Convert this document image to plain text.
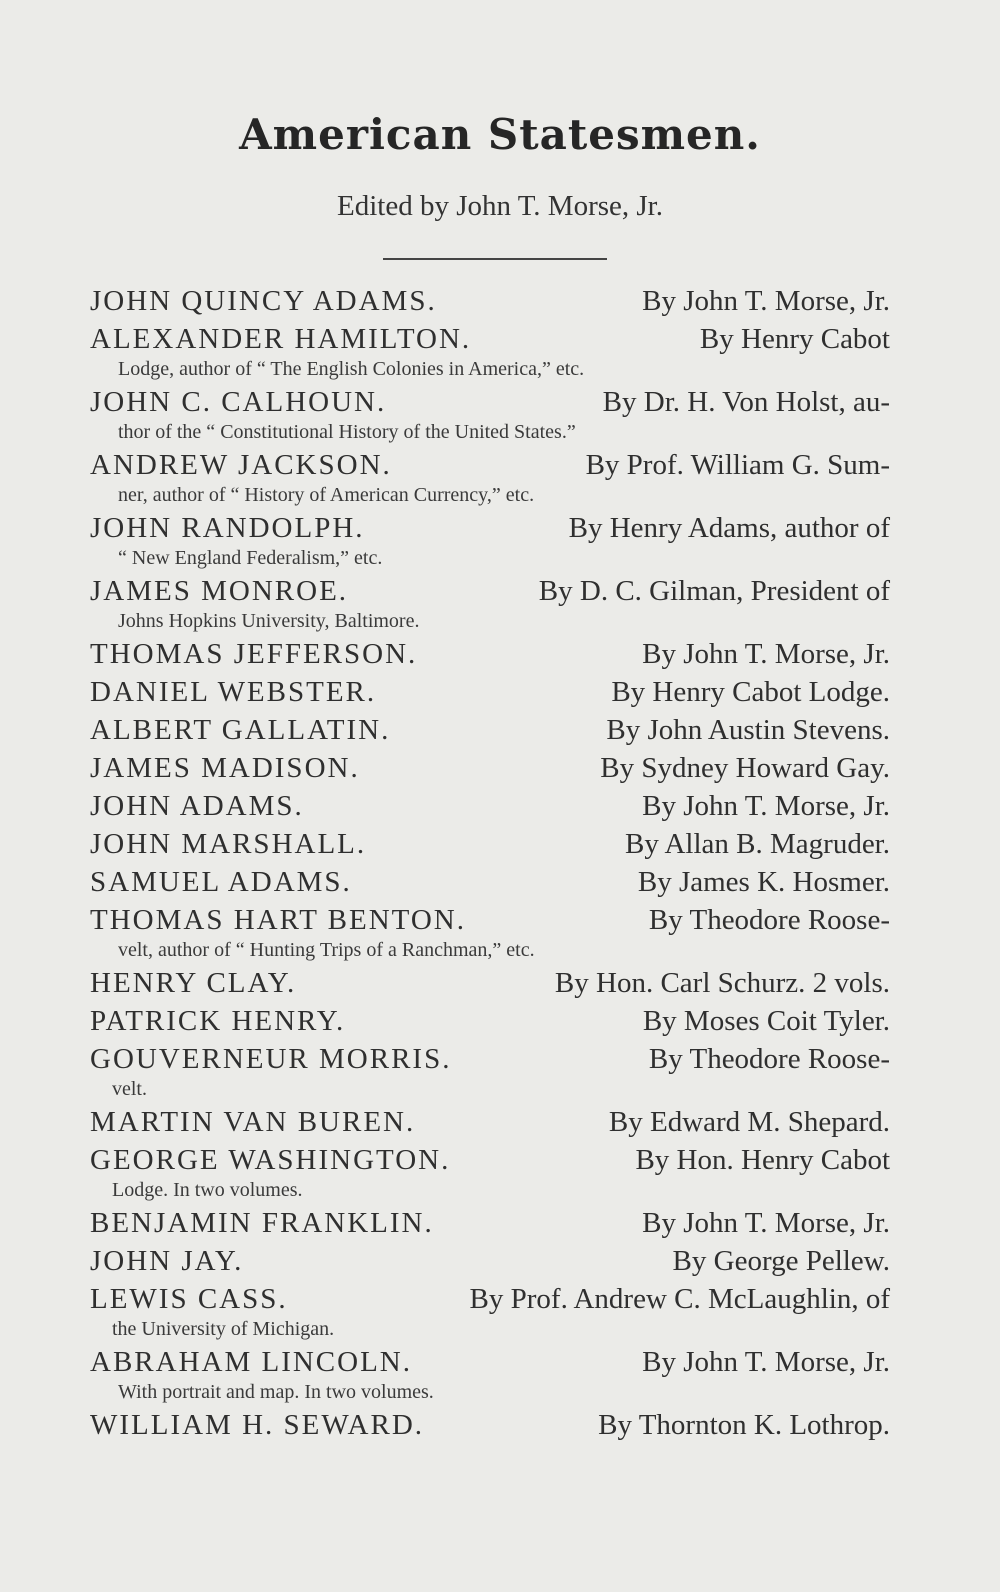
American Statesmen.
Edited by John T. Morse, Jr.
JOHN QUINCY ADAMS.	By John T. Morse, Jr.
ALEXANDER HAMILTON.	By Henry Cabot
Lodge, author of “ The English Colonies in America,” etc.
JOHN C. CALHOUN.	By Dr. H. Von Holst, au-
thor of the “ Constitutional History of the United States.”
ANDREW JACKSON.	By Prof. William G. Sum-
ner, author of “ History of American Currency,” etc.
JOHN RANDOLPH.	By Henry Adams, author of
“ New England Federalism,” etc.
JAMES MONROE.	By D. C. Gilman, President of
Johns Hopkins University, Baltimore.
THOMAS JEFFERSON.	By John T. Morse, Jr.
DANIEL WEBSTER.	By Henry Cabot Lodge.
ALBERT GALLATIN.	By John Austin Stevens.
JAMES MADISON.	By Sydney Howard Gay.
JOHN ADAMS.	By John T. Morse, Jr.
JOHN MARSHALL.	By Allan B. Magruder.
SAMUEL ADAMS.	By James K. Hosmer.
THOMAS HART BENTON.	By Theodore Roose-
velt, author of “ Hunting Trips of a Ranchman,” etc.
HENRY CLAY.	By Hon. Carl Schurz. 2 vols.
PATRICK HENRY.	By Moses Coit Tyler.
GOUVERNEUR MORRIS.	By Theodore Roose-
velt.
MARTIN VAN BUREN.	By Edward M. Shepard.
GEORGE WASHINGTON.	By Hon. Henry Cabot
Lodge. In two volumes.
BENJAMIN FRANKLIN.	By John T. Morse, Jr.
JOHN JAY.	By George Pellew.
LEWIS CASS.	By Prof. Andrew C. McLaughlin, of
the University of Michigan.
ABRAHAM LINCOLN.	By John T. Morse, Jr.
With portrait and map. In two volumes.
WILLIAM H. SEWARD.	By Thornton K. Lothrop.
